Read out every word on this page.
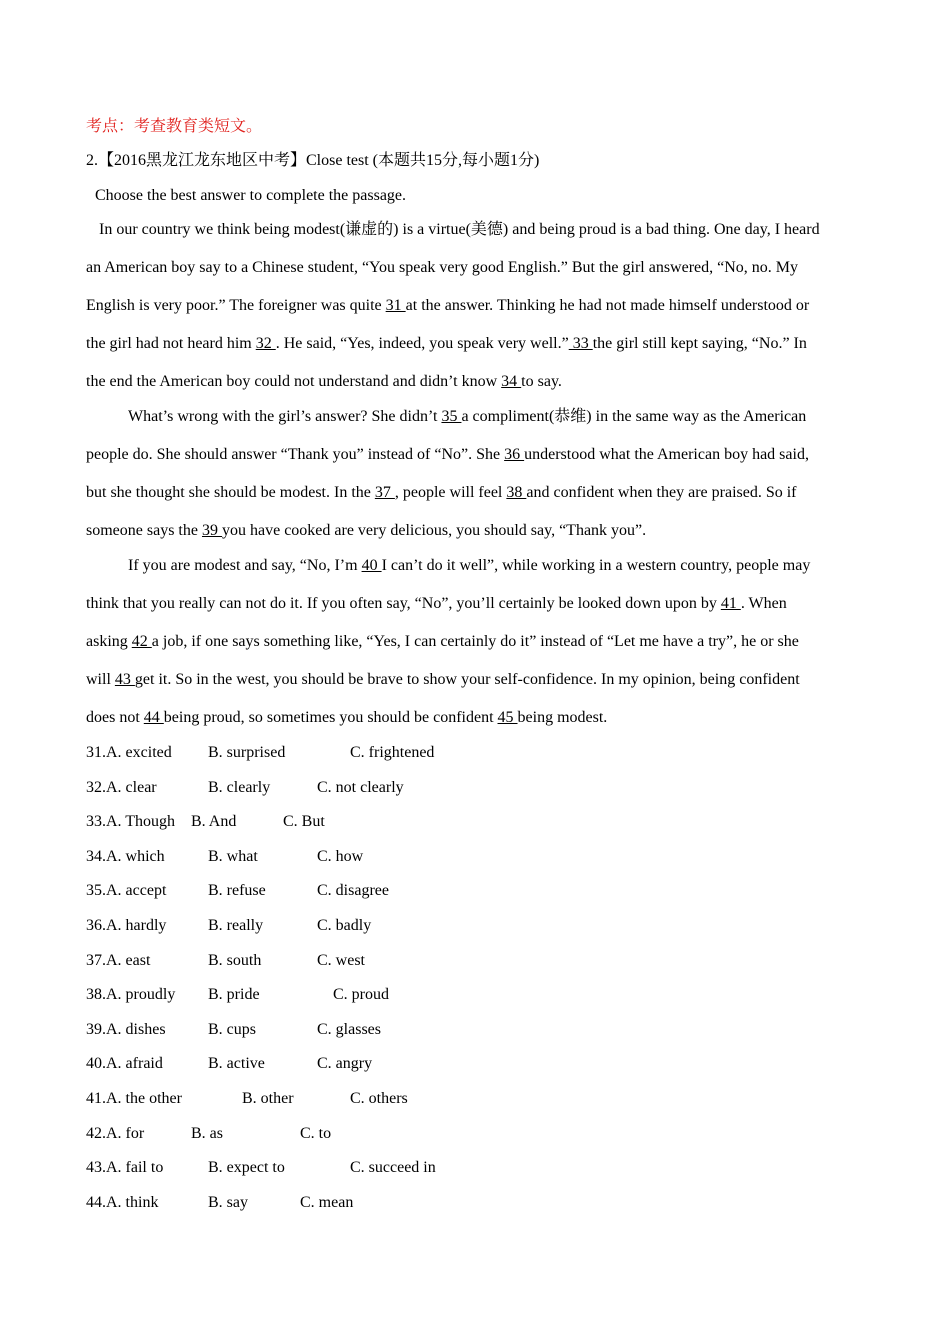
考点：考查教育类短文。
2.【2016黑龙江龙东地区中考】Close test (本题共15分,每小题1分)
Choose the best answer to complete the passage.
In our country we think being modest(谦虚的) is a virtue(美德) and being proud is a bad thing. One day, I heard
an American boy say to a Chinese student, “You speak very good English.” But the girl answered, “No, no. My
English is very poor.” The foreigner was quite 31 at the answer. Thinking he had not made himself understood or
the girl had not heard him 32 . He said, “Yes, indeed, you speak very well.” 33 the girl still kept saying, “No.” In
the end the American boy could not understand and didn’t know 34 to say.
What’s wrong with the girl’s answer? She didn’t 35 a compliment(恭维) in the same way as the American
people do. She should answer “Thank you” instead of “No”. She 36 understood what the American boy had said,
but she thought she should be modest. In the 37 , people will feel 38 and confident when they are praised. So if
someone says the 39 you have cooked are very delicious, you should say, “Thank you”.
If you are modest and say, “No, I’m 40 I can’t do it well”, while working in a western country, people may
think that you really can not do it. If you often say, “No”, you’ll certainly be looked down upon by 41 . When
asking 42 a job, if one says something like, “Yes, I can certainly do it” instead of “Let me have a try”, he or she
will 43 get it. So in the west, you should be brave to show your self-confidence. In my opinion, being confident
does not 44 being proud, so sometimes you should be confident 45 being modest.
31.A. excited B. surprised	C. frightened
32.A. clear	B. clearly	C. not clearly
33.A. Though B. And	C. But
34.A. which	B. what	C. how
35.A. accept	B. refuse	C. disagree
36.A. hardly	B. really	C. badly
37.A. east	B. south	C. west
38.A. proudly B. pride	C. proud
39.A. dishes	B. cups	C. glasses
40.A. afraid	B. active	C. angry
41.A. the other	B. other	C. others
42.A. for	B. as	C. to
43.A. fail to	B. expect to	C. succeed in
44.A. think	B. say	C. mean
